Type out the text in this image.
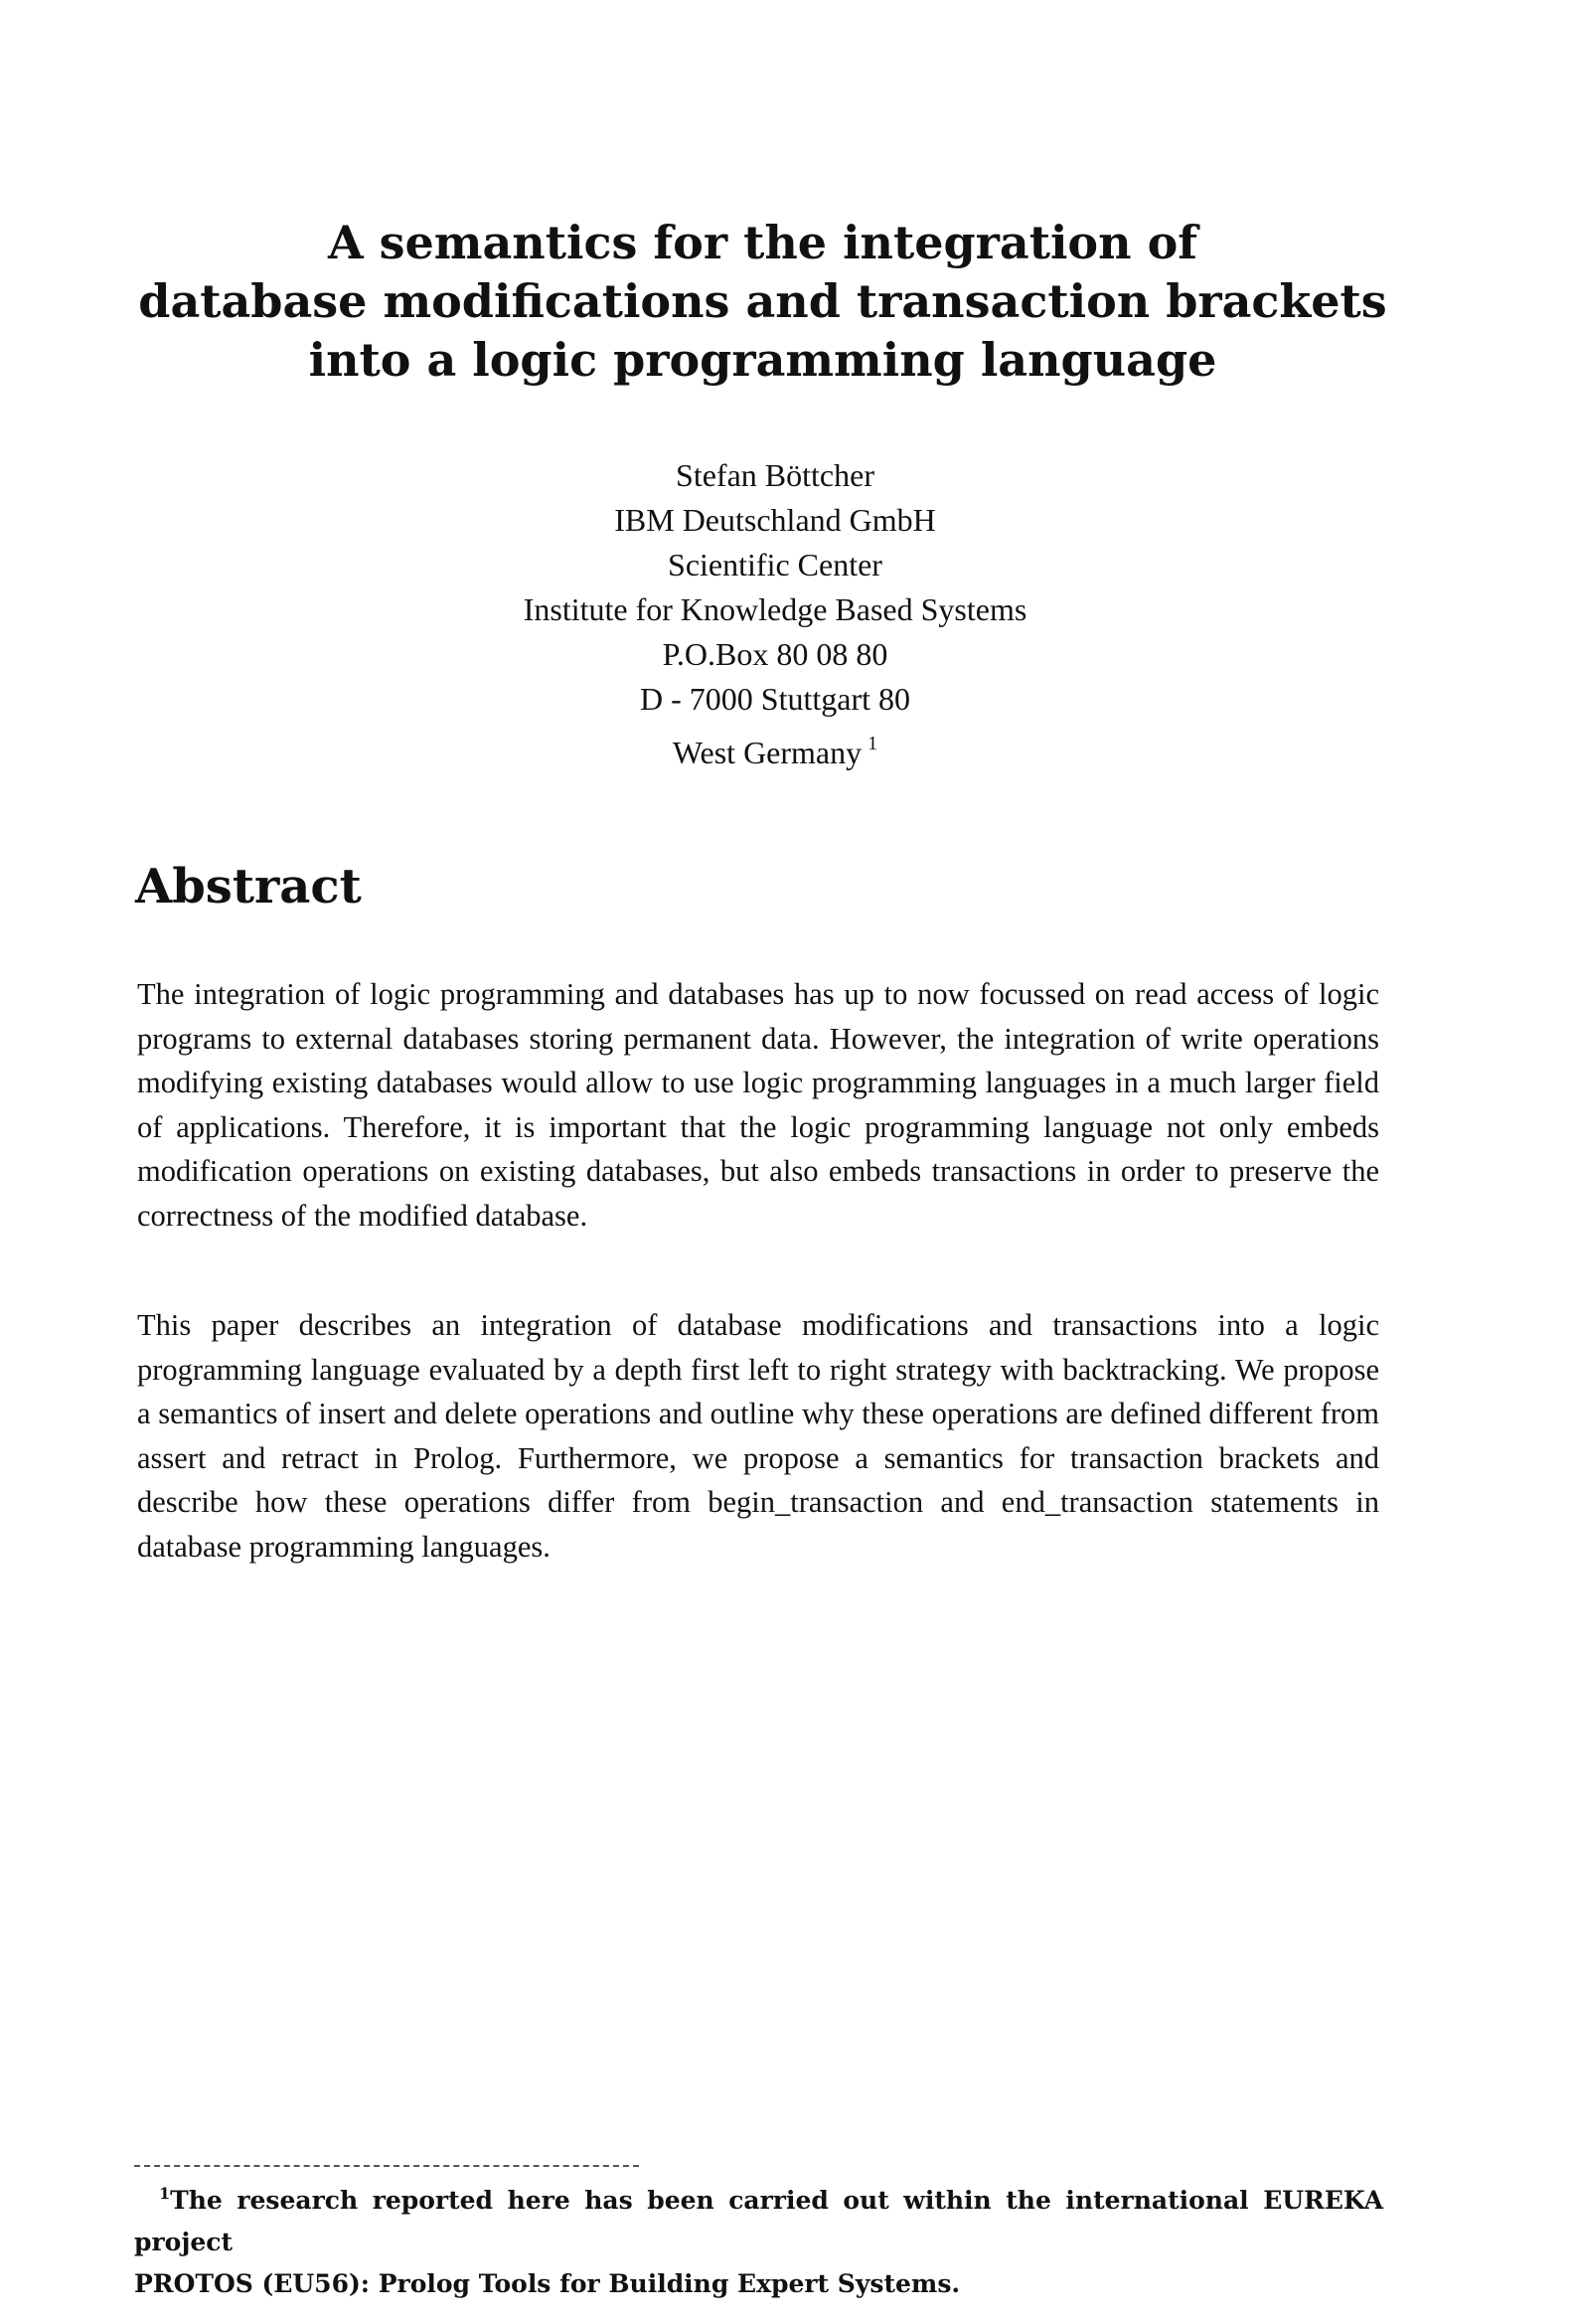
A semantics for the integration of
database modifications and transaction brackets
into a logic programming language
Stefan Böttcher
IBM Deutschland GmbH
Scientific Center
Institute for Knowledge Based Systems
P.O.Box 80 08 80
D - 7000 Stuttgart 80
West Germany $^1$
Abstract

The integration of logic programming and databases has up to now focussed on read access of logic programs to external databases storing permanent data. However, the integration of write operations modifying existing databases would allow to use logic programming languages in a much larger field of applications. Therefore, it is important that the logic programming language not only embeds modification operations on existing databases, but also embeds transactions in order to preserve the correctness of the modified database.

This paper describes an integration of database modifications and transactions into a logic programming language evaluated by a depth first left to right strategy with backtracking. We propose a semantics of insert and delete operations and outline why these operations are defined different from assert and retract in Prolog. Furthermore, we propose a semantics for transaction brackets and describe how these operations differ from begin_transaction and end_transaction statements in database programming languages.

$^1$The research reported here has been carried out within the international EUREKA project
PROTOS (EU56): Prolog Tools for Building Expert Systems.
